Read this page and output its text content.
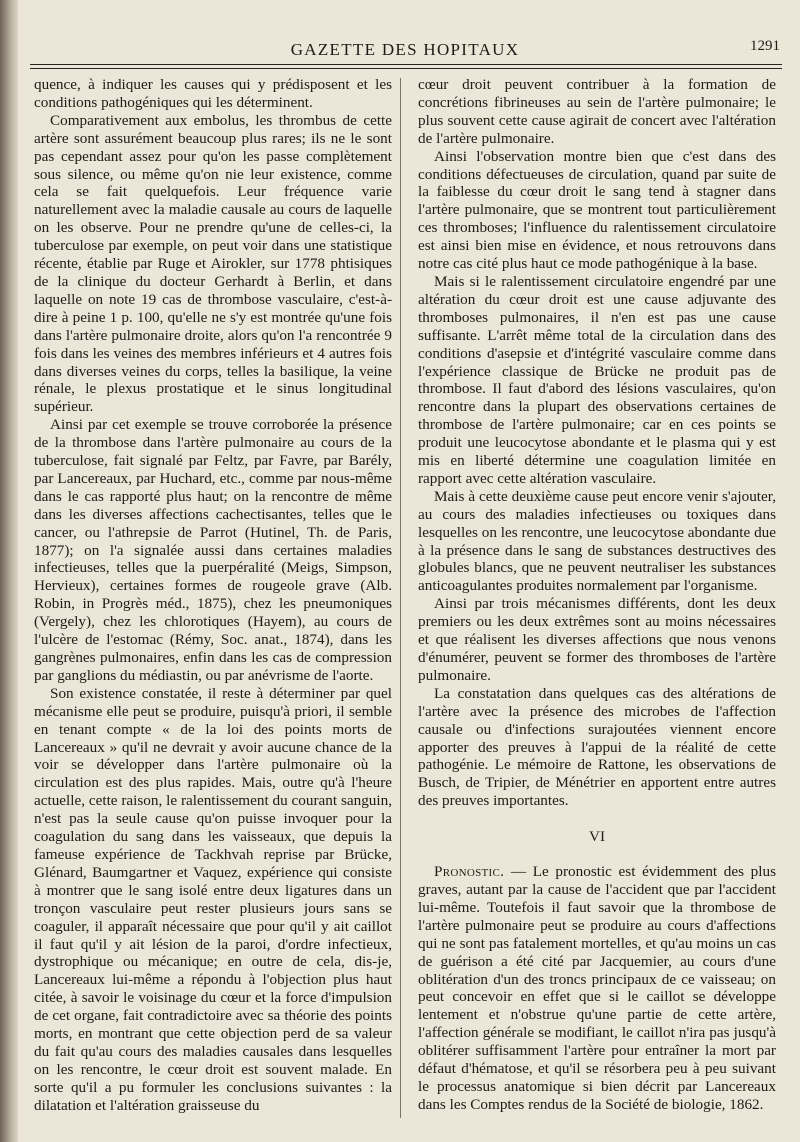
GAZETTE DES HOPITAUX	1291

quence, à indiquer les causes qui y prédisposent et les conditions pathogéniques qui les déterminent.

Comparativement aux embolus, les thrombus de cette artère sont assurément beaucoup plus rares; ils ne le sont pas cependant assez pour qu'on les passe complètement sous silence, ou même qu'on nie leur existence, comme cela se fait quelquefois. Leur fréquence varie naturellement avec la maladie causale au cours de laquelle on les observe. Pour ne prendre qu'une de celles-ci, la tuberculose par exemple, on peut voir dans une statistique récente, établie par Ruge et Airokler, sur 1778 phtisiques de la clinique du docteur Gerhardt à Berlin, et dans laquelle on note 19 cas de thrombose vasculaire, c'est-à-dire à peine 1 p. 100, qu'elle ne s'y est montrée qu'une fois dans l'artère pulmonaire droite, alors qu'on l'a rencontrée 9 fois dans les veines des membres inférieurs et 4 autres fois dans diverses veines du corps, telles la basilique, la veine rénale, le plexus prostatique et le sinus longitudinal supérieur.

Ainsi par cet exemple se trouve corroborée la présence de la thrombose dans l'artère pulmonaire au cours de la tuberculose, fait signalé par Feltz, par Favre, par Barély, par Lancereaux, par Huchard, etc., comme par nous-même dans le cas rapporté plus haut; on la rencontre de même dans les diverses affections cachectisantes, telles que le cancer, ou l'athrepsie de Parrot (Hutinel, Th. de Paris, 1877); on l'a signalée aussi dans certaines maladies infectieuses, telles que la puerpéralité (Meigs, Simpson, Hervieux), certaines formes de rougeole grave (Alb. Robin, in Progrès méd., 1875), chez les pneumoniques (Vergely), chez les chlorotiques (Hayem), au cours de l'ulcère de l'estomac (Rémy, Soc. anat., 1874), dans les gangrènes pulmonaires, enfin dans les cas de compression par ganglions du médiastin, ou par anévrisme de l'aorte.

Son existence constatée, il reste à déterminer par quel mécanisme elle peut se produire, puisqu'à priori, il semble en tenant compte « de la loi des points morts de Lancereaux » qu'il ne devrait y avoir aucune chance de la voir se développer dans l'artère pulmonaire où la circulation est des plus rapides. Mais, outre qu'à l'heure actuelle, cette raison, le ralentissement du courant sanguin, n'est pas la seule cause qu'on puisse invoquer pour la coagulation du sang dans les vaisseaux, que depuis la fameuse expérience de Tackhvah reprise par Brücke, Glénard, Baumgartner et Vaquez, expérience qui consiste à montrer que le sang isolé entre deux ligatures dans un tronçon vasculaire peut rester plusieurs jours sans se coaguler, il apparaît nécessaire que pour qu'il y ait caillot il faut qu'il y ait lésion de la paroi, d'ordre infectieux, dystrophique ou mécanique; en outre de cela, dis-je, Lancereaux lui-même a répondu à l'objection plus haut citée, à savoir le voisinage du cœur et la force d'impulsion de cet organe, fait contradictoire avec sa théorie des points morts, en montrant que cette objection perd de sa valeur du fait qu'au cours des maladies causales dans lesquelles on les rencontre, le cœur droit est souvent malade. En sorte qu'il a pu formuler les conclusions suivantes : la dilatation et l'altération graisseuse du

cœur droit peuvent contribuer à la formation de concrétions fibrineuses au sein de l'artère pulmonaire; le plus souvent cette cause agirait de concert avec l'altération de l'artère pulmonaire.

Ainsi l'observation montre bien que c'est dans des conditions défectueuses de circulation, quand par suite de la faiblesse du cœur droit le sang tend à stagner dans l'artère pulmonaire, que se montrent tout particulièrement ces thromboses; l'influence du ralentissement circulatoire est ainsi bien mise en évidence, et nous retrouvons dans notre cas cité plus haut ce mode pathogénique à la base.

Mais si le ralentissement circulatoire engendré par une altération du cœur droit est une cause adjuvante des thromboses pulmonaires, il n'en est pas une cause suffisante. L'arrêt même total de la circulation dans des conditions d'asepsie et d'intégrité vasculaire comme dans l'expérience classique de Brücke ne produit pas de thrombose. Il faut d'abord des lésions vasculaires, qu'on rencontre dans la plupart des observations certaines de thrombose de l'artère pulmonaire; car en ces points se produit une leucocytose abondante et le plasma qui y est mis en liberté détermine une coagulation limitée en rapport avec cette altération vasculaire.

Mais à cette deuxième cause peut encore venir s'ajouter, au cours des maladies infectieuses ou toxiques dans lesquelles on les rencontre, une leucocytose abondante due à la présence dans le sang de substances destructives des globules blancs, que ne peuvent neutraliser les substances anticoagulantes produites normalement par l'organisme.

Ainsi par trois mécanismes différents, dont les deux premiers ou les deux extrêmes sont au moins nécessaires et que réalisent les diverses affections que nous venons d'énumérer, peuvent se former des thromboses de l'artère pulmonaire.

La constatation dans quelques cas des altérations de l'artère avec la présence des microbes de l'affection causale ou d'infections surajoutées viennent encore apporter des preuves à l'appui de la réalité de cette pathogénie. Le mémoire de Rattone, les observations de Busch, de Tripier, de Ménétrier en apportent entre autres des preuves importantes.

VI

Pronostic. — Le pronostic est évidemment des plus graves, autant par la cause de l'accident que par l'accident lui-même. Toutefois il faut savoir que la thrombose de l'artère pulmonaire peut se produire au cours d'affections qui ne sont pas fatalement mortelles, et qu'au moins un cas de guérison a été cité par Jacquemier, au cours d'une oblitération d'un des troncs principaux de ce vaisseau; on peut concevoir en effet que si le caillot se développe lentement et n'obstrue qu'une partie de cette artère, l'affection générale se modifiant, le caillot n'ira pas jusqu'à oblitérer suffisamment l'artère pour entraîner la mort par défaut d'hématose, et qu'il se résorbera peu à peu suivant le processus anatomique si bien décrit par Lancereaux dans les Comptes rendus de la Société de biologie, 1862.
